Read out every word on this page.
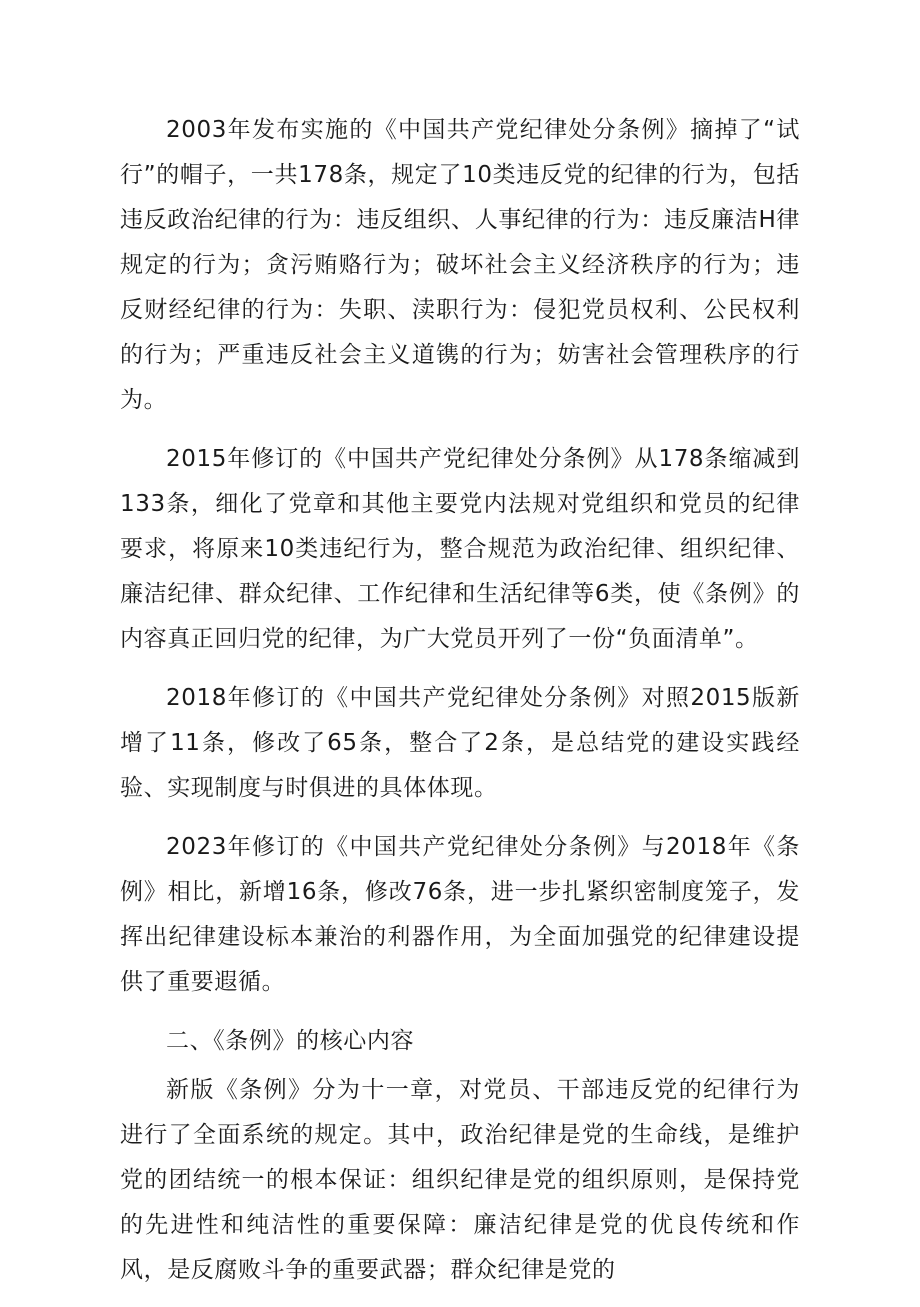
2003年发布实施的《中国共产党纪律处分条例》摘掉了“试行”的帽子，一共178条，规定了10类违反党的纪律的行为，包括违反政治纪律的行为：违反组织、人事纪律的行为：违反廉洁H律规定的行为；贪污贿赂行为；破坏社会主义经济秩序的行为；违反财经纪律的行为：失职、渎职行为：侵犯党员权利、公民权利的行为；严重违反社会主义道镌的行为；妨害社会管理秩序的行为。

2015年修订的《中国共产党纪律处分条例》从178条缩减到133条，细化了党章和其他主要党内法规对党组织和党员的纪律要求，将原来10类违纪行为，整合规范为政治纪律、组织纪律、廉洁纪律、群众纪律、工作纪律和生活纪律等6类，使《条例》的内容真正回归党的纪律，为广大党员开列了一份“负面清单”。

2018年修订的《中国共产党纪律处分条例》对照2015版新增了11条，修改了65条，整合了2条，是总结党的建设实践经验、实现制度与时俱进的具体体现。

2023年修订的《中国共产党纪律处分条例》与2018年《条例》相比，新增16条，修改76条，进一步扎紧织密制度笼子，发挥出纪律建设标本兼治的利器作用，为全面加强党的纪律建设提供了重要遐循。

二、《条例》的核心内容

新版《条例》分为十一章，对党员、干部违反党的纪律行为进行了全面系统的规定。其中，政治纪律是党的生命线，是维护党的团结统一的根本保证：组织纪律是党的组织原则，是保持党的先进性和纯洁性的重要保障：廉洁纪律是党的优良传统和作风，是反腐败斗争的重要武器；群众纪律是党的
